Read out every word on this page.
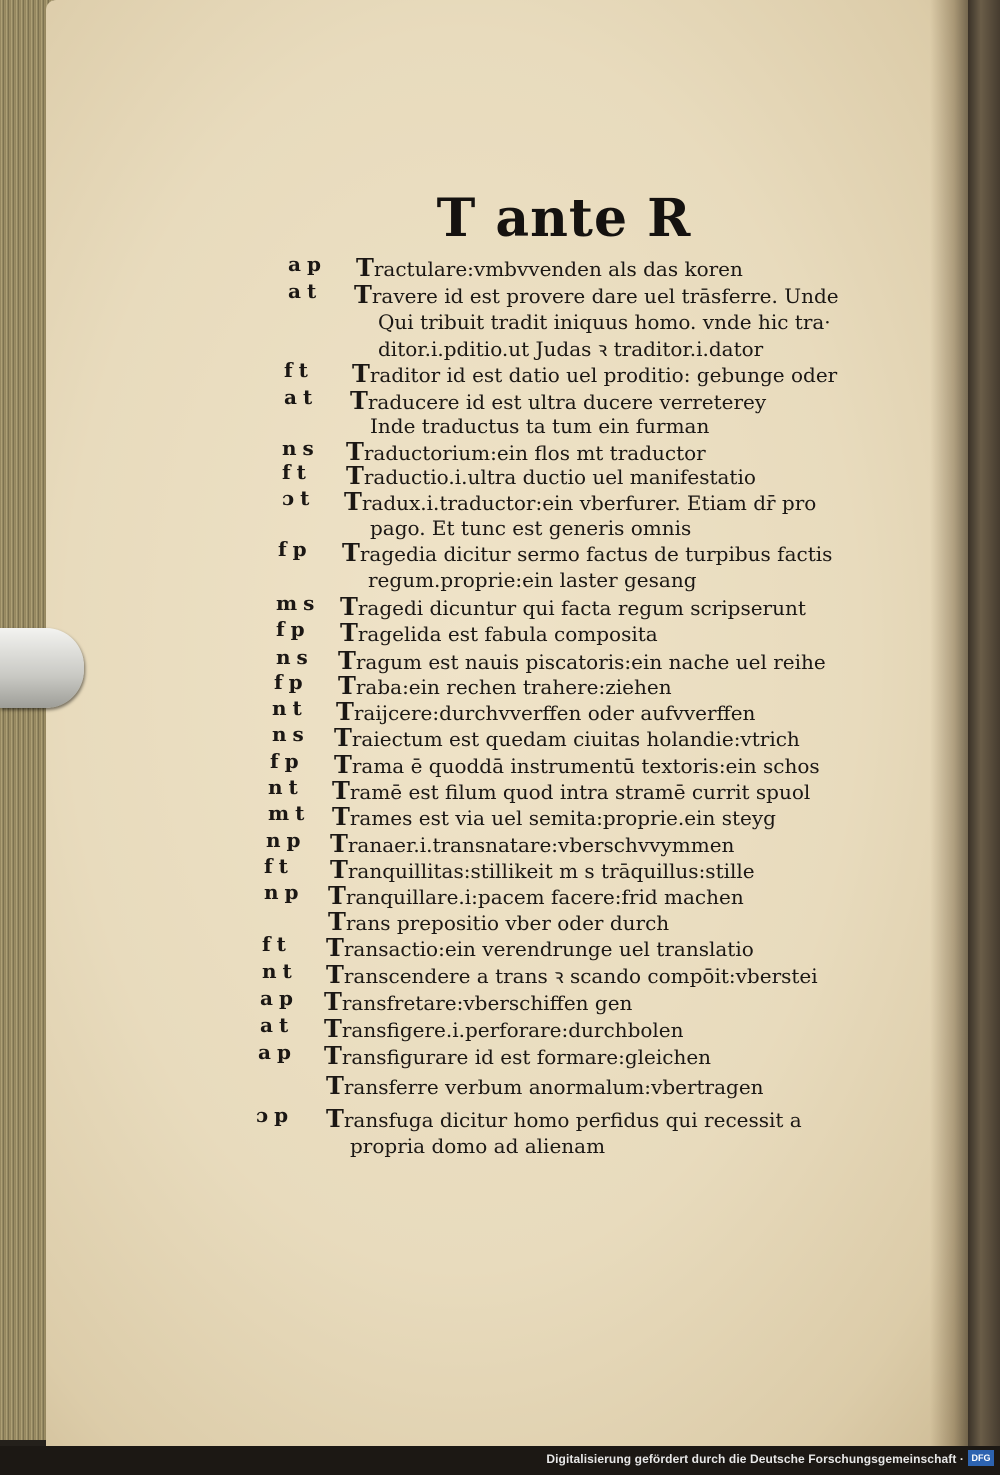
T ante R
ap
at
ft
at
ns
ft
ɔt
fp
ms
fp
ns
fp
nt
ns
fp
nt
mt
np
ft
np
ft
nt
ap
at
ap
ɔp
Tractulare:vmbvvenden als das koren
Travere id est provere dare uel trāsferre. Unde
Qui tribuit tradit iniquus homo. vnde hic tra·
ditor.i.pditio.ut Judas ꝛ traditor.i.dator
Traditor id est datio uel proditio: gebunge oder
Traducere id est ultra ducere verreterey
Inde traductus ta tum ein furman
Traductorium:ein flos mt traductor
Traductio.i.ultra ductio uel manifestatio
Tradux.i.traductor:ein vberfurer. Etiam dr̄ pro
pago. Et tunc est generis omnis
Tragedia dicitur sermo factus de turpibus factis
regum.proprie:ein laster gesang
Tragedi dicuntur qui facta regum scripserunt
Tragelida est fabula composita
Tragum est nauis piscatoris:ein nache uel reihe
Traba:ein rechen trahere:ziehen
Traijcere:durchvverffen oder aufvverffen
Traiectum est quedam ciuitas holandie:vtrich
Trama ē quoddā instrumentū textoris:ein schos
Tramē est filum quod intra stramē currit spuol
Trames est via uel semita:proprie.ein steyg
Tranaer.i.transnatare:vberschvvymmen
Tranquillitas:stillikeit m s trāquillus:stille
Tranquillare.i:pacem facere:frid machen
Trans prepositio vber oder durch
Transactio:ein verendrunge uel translatio
Transcendere a trans ꝛ scando compōit:vberstei
Transfretare:vberschiffen gen
Transfigere.i.perforare:durchbolen
Transfigurare id est formare:gleichen
Transferre verbum anormalum:vbertragen
Transfuga dicitur homo perfidus qui recessit a
propria domo ad alienam
Digitalisierung gefördert durch die Deutsche Forschungsgemeinschaft · DFG
